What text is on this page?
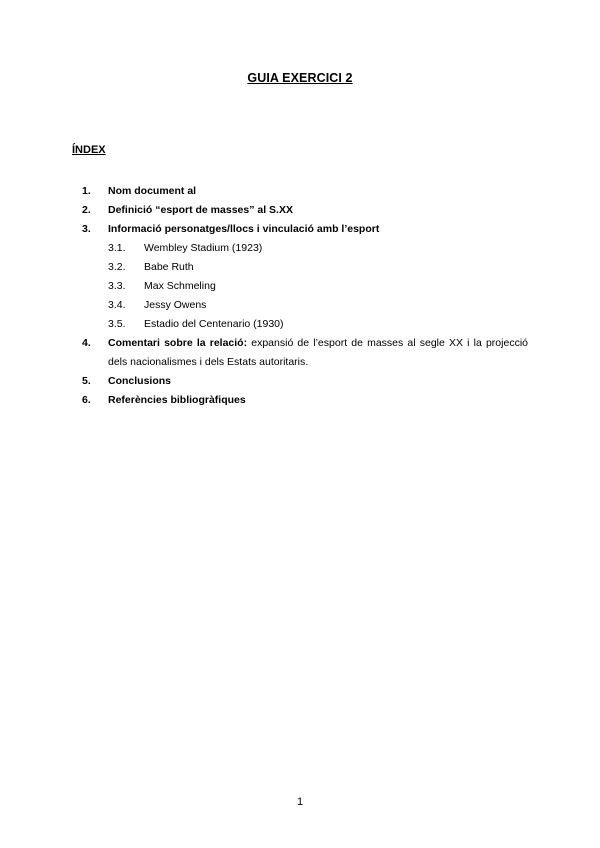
GUIA EXERCICI 2
ÍNDEX
1.	Nom document al
2.	Definició “esport de masses” al S.XX
3.	Informació personatges/llocs i vinculació amb l’esport
3.1.	Wembley Stadium (1923)
3.2.	Babe Ruth
3.3.	Max Schmeling
3.4.	Jessy Owens
3.5.	Estadio del Centenario (1930)
4.	Comentari sobre la relació: expansió de l’esport de masses al segle XX i la projecció dels nacionalismes i dels Estats autoritaris.
5.	Conclusions
6.	Referències bibliogràfiques
1
